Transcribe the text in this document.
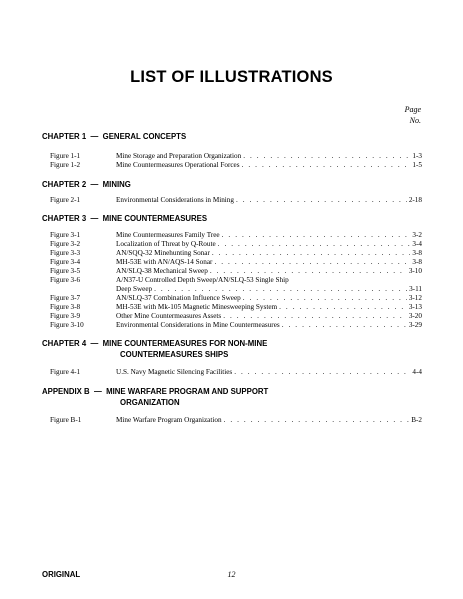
LIST OF ILLUSTRATIONS
Page
No.
CHAPTER 1  —  GENERAL CONCEPTS
Figure 1-1	Mine Storage and Preparation Organization . . .	1-3
Figure 1-2	Mine Countermeasures Operational Forces . . .	1-5
CHAPTER 2  —  MINING
Figure 2-1	Environmental Considerations in Mining . . .	2-18
CHAPTER 3  —  MINE COUNTERMEASURES
Figure 3-1	Mine Countermeasures Family Tree . . .	3-2
Figure 3-2	Localization of Threat by Q-Route . . .	3-4
Figure 3-3	AN/SQQ-32 Minehunting Sonar . . .	3-8
Figure 3-4	MH-53E with AN/AQS-14 Sonar . . .	3-8
Figure 3-5	AN/SLQ-38 Mechanical Sweep . . .	3-10
Figure 3-6	A/N37-U Controlled Depth Sweep/AN/SLQ-53 Single Ship
Deep Sweep . . .	3-11
Figure 3-7	AN/SLQ-37 Combination Influence Sweep . . .	3-12
Figure 3-8	MH-53E with Mk-105 Magnetic Minesweeping System . . .	3-13
Figure 3-9	Other Mine Countermeasures Assets . . .	3-20
Figure 3-10	Environmental Considerations in Mine Countermeasures . . .	3-29
CHAPTER 4  —  MINE COUNTERMEASURES FOR NON-MINE
COUNTERMEASURES SHIPS
Figure 4-1	U.S. Navy Magnetic Silencing Facilities . . .	4-4
APPENDIX B  —  MINE WARFARE PROGRAM AND SUPPORT
ORGANIZATION
Figure B-1	Mine Warfare Program Organization . . .	B-2
ORIGINAL	12
